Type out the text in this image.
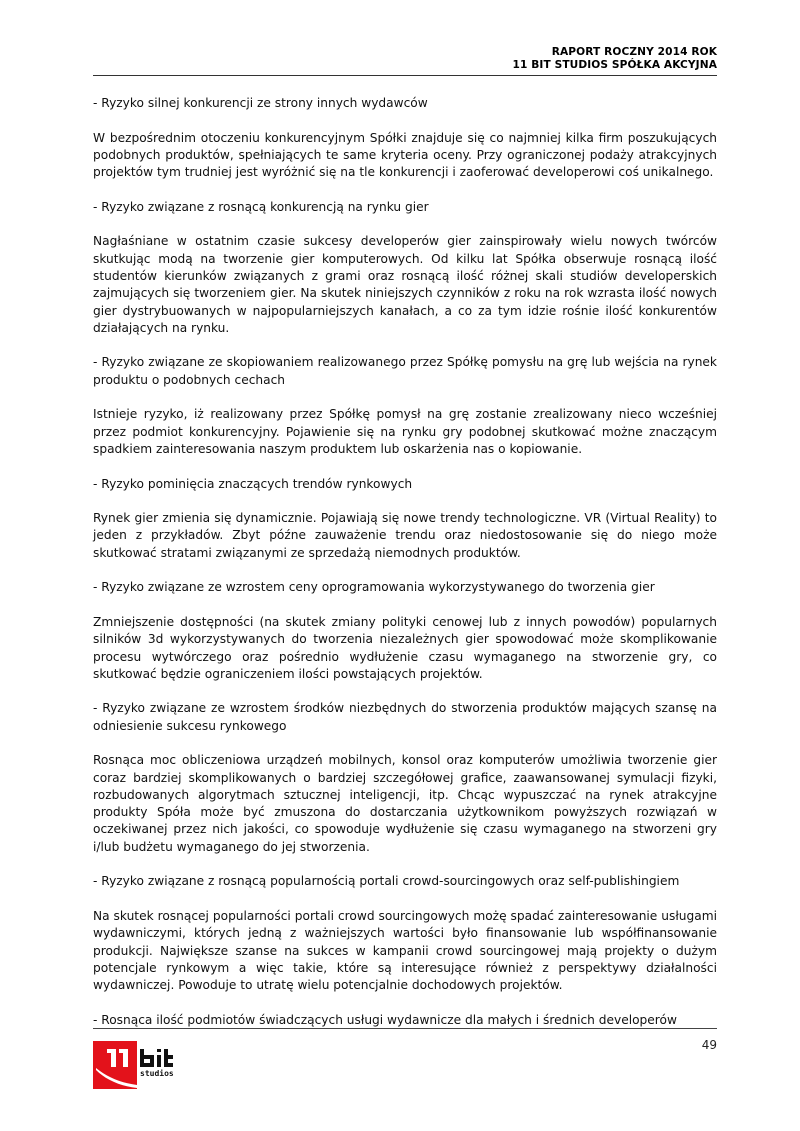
RAPORT ROCZNY 2014 ROK
11 BIT STUDIOS SPÓŁKA AKCYJNA

- Ryzyko silnej konkurencji ze strony innych wydawców

W bezpośrednim otoczeniu konkurencyjnym Spółki znajduje się co najmniej kilka firm poszukujących podobnych produktów, spełniających te same kryteria oceny. Przy ograniczonej podaży atrakcyjnych projektów tym trudniej jest wyróżnić się na tle konkurencji i zaoferować developerowi coś unikalnego.

- Ryzyko związane z rosnącą konkurencją na rynku gier

Nagłaśniane w ostatnim czasie sukcesy developerów gier zainspirowały wielu nowych twórców skutkując modą na tworzenie gier komputerowych. Od kilku lat Spółka obserwuje rosnącą ilość studentów kierunków związanych z grami oraz rosnącą ilość różnej skali studiów developerskich zajmujących się tworzeniem gier. Na skutek niniejszych czynników z roku na rok wzrasta ilość nowych gier dystrybuowanych w najpopularniejszych kanałach, a co za tym idzie rośnie ilość konkurentów działających na rynku.

- Ryzyko związane ze skopiowaniem realizowanego przez Spółkę pomysłu na grę lub wejścia na rynek produktu o podobnych cechach

Istnieje ryzyko, iż realizowany przez Spółkę pomysł na grę zostanie zrealizowany nieco wcześniej przez podmiot konkurencyjny. Pojawienie się na rynku gry podobnej skutkować możne znaczącym spadkiem zainteresowania naszym produktem lub oskarżenia nas o kopiowanie.

- Ryzyko pominięcia znaczących trendów rynkowych

Rynek gier zmienia się dynamicznie. Pojawiają się nowe trendy technologiczne. VR (Virtual Reality) to jeden z przykładów. Zbyt późne zauważenie trendu oraz niedostosowanie się do niego może skutkować stratami związanymi ze sprzedażą niemodnych produktów.

- Ryzyko związane ze wzrostem ceny oprogramowania wykorzystywanego do tworzenia gier

Zmniejszenie dostępności (na skutek zmiany polityki cenowej lub z innych powodów) popularnych silników 3d wykorzystywanych do tworzenia niezależnych gier spowodować może skomplikowanie procesu wytwórczego oraz pośrednio wydłużenie czasu wymaganego na stworzenie gry, co skutkować będzie ograniczeniem ilości powstających projektów.

- Ryzyko związane ze wzrostem środków niezbędnych do stworzenia produktów mających szansę na odniesienie sukcesu rynkowego

Rosnąca moc obliczeniowa urządzeń mobilnych, konsol oraz komputerów umożliwia tworzenie gier coraz bardziej skomplikowanych o bardziej szczegółowej grafice, zaawansowanej symulacji fizyki, rozbudowanych algorytmach sztucznej inteligencji, itp. Chcąc wypuszczać na rynek atrakcyjne produkty Spóła może być zmuszona do dostarczania użytkownikom powyższych rozwiązań w oczekiwanej przez nich jakości, co spowoduje wydłużenie się czasu wymaganego na stworzeni gry i/lub budżetu wymaganego do jej stworzenia.

- Ryzyko związane z rosnącą popularnością portali crowd-sourcingowych oraz self-publishingiem

Na skutek rosnącej popularności portali crowd sourcingowych możę spadać zainteresowanie usługami wydawniczymi, których jedną z ważniejszych wartości było finansowanie lub współfinansowanie produkcji. Największe szanse na sukces w kampanii crowd sourcingowej mają projekty o dużym potencjale rynkowym a więc takie, które są interesujące również z perspektywy działalności wydawniczej. Powoduje to utratę wielu potencjalnie dochodowych projektów.

- Rosnąca ilość podmiotów świadczących usługi wydawnicze dla małych i średnich developerów

studios
49
